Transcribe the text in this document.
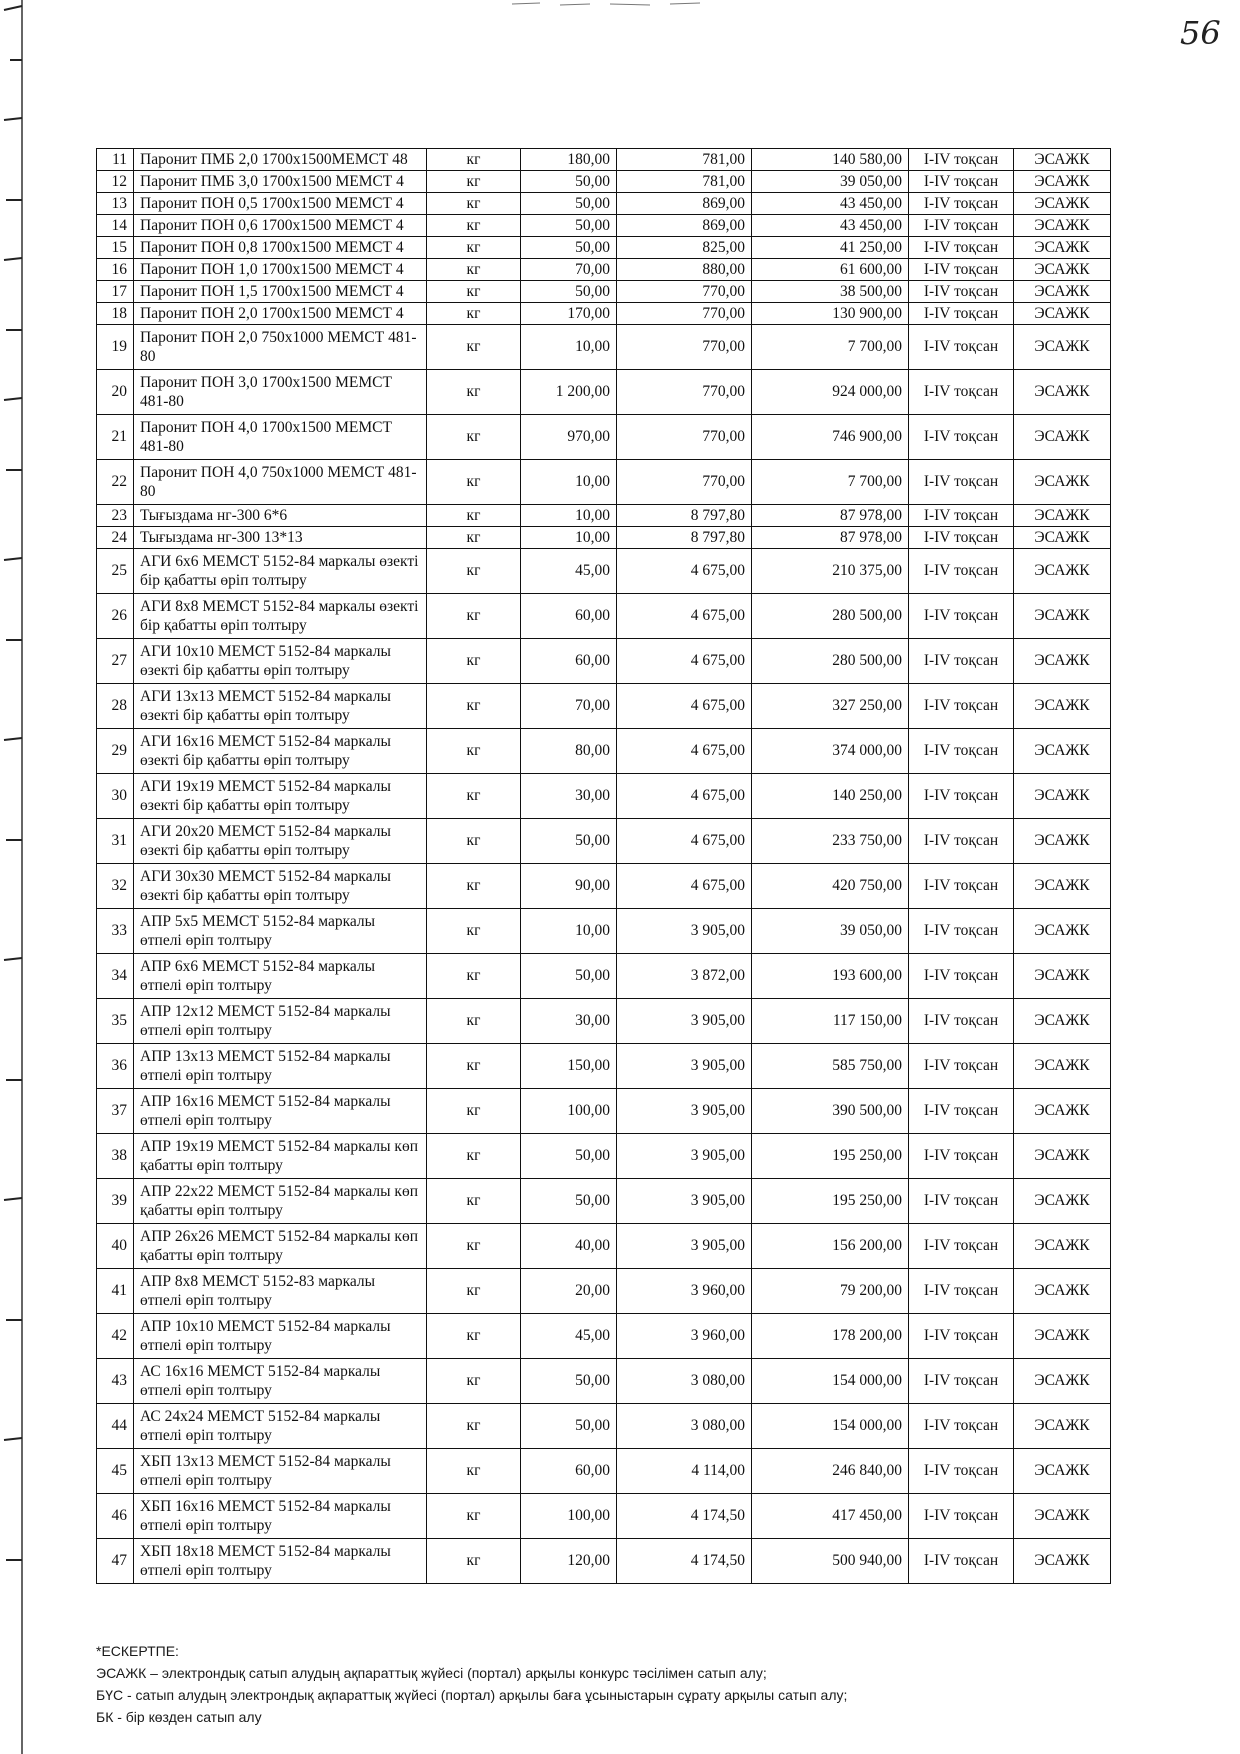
56
11	Паронит ПМБ 2,0 1700х1500МЕМСТ 48	кг	180,00	781,00	140 580,00	І-ІV тоқсан	ЭСАЖК
12	Паронит ПМБ 3,0 1700х1500 МЕМСТ 4	кг	50,00	781,00	39 050,00	І-ІV тоқсан	ЭСАЖК
13	Паронит ПОН 0,5 1700х1500 МЕМСТ 4	кг	50,00	869,00	43 450,00	І-ІV тоқсан	ЭСАЖК
14	Паронит ПОН 0,6 1700х1500 МЕМСТ 4	кг	50,00	869,00	43 450,00	І-ІV тоқсан	ЭСАЖК
15	Паронит ПОН 0,8 1700х1500 МЕМСТ 4	кг	50,00	825,00	41 250,00	І-ІV тоқсан	ЭСАЖК
16	Паронит ПОН 1,0 1700х1500 МЕМСТ 4	кг	70,00	880,00	61 600,00	І-ІV тоқсан	ЭСАЖК
17	Паронит ПОН 1,5 1700х1500 МЕМСТ 4	кг	50,00	770,00	38 500,00	І-ІV тоқсан	ЭСАЖК
18	Паронит ПОН 2,0 1700х1500 МЕМСТ 4	кг	170,00	770,00	130 900,00	І-ІV тоқсан	ЭСАЖК
19	Паронит ПОН 2,0 750х1000 МЕМСТ 481-80	кг	10,00	770,00	7 700,00	І-ІV тоқсан	ЭСАЖК
20	Паронит ПОН 3,0 1700х1500 МЕМСТ 481-80	кг	1 200,00	770,00	924 000,00	І-ІV тоқсан	ЭСАЖК
21	Паронит ПОН 4,0 1700х1500 МЕМСТ 481-80	кг	970,00	770,00	746 900,00	І-ІV тоқсан	ЭСАЖК
22	Паронит ПОН 4,0 750х1000 МЕМСТ 481-80	кг	10,00	770,00	7 700,00	І-ІV тоқсан	ЭСАЖК
23	Тығыздама нг-300 6*6	кг	10,00	8 797,80	87 978,00	І-ІV тоқсан	ЭСАЖК
24	Тығыздама нг-300 13*13	кг	10,00	8 797,80	87 978,00	І-ІV тоқсан	ЭСАЖК
25	АГИ 6х6 МЕМСТ 5152-84 маркалы өзекті бір қабатты өріп толтыру	кг	45,00	4 675,00	210 375,00	І-ІV тоқсан	ЭСАЖК
26	АГИ 8х8 МЕМСТ 5152-84 маркалы өзекті бір қабатты өріп толтыру	кг	60,00	4 675,00	280 500,00	І-ІV тоқсан	ЭСАЖК
27	АГИ 10х10 МЕМСТ 5152-84 маркалы өзекті бір қабатты өріп толтыру	кг	60,00	4 675,00	280 500,00	І-ІV тоқсан	ЭСАЖК
28	АГИ 13х13 МЕМСТ 5152-84 маркалы өзекті бір қабатты өріп толтыру	кг	70,00	4 675,00	327 250,00	І-ІV тоқсан	ЭСАЖК
29	АГИ 16х16 МЕМСТ 5152-84 маркалы өзекті бір қабатты өріп толтыру	кг	80,00	4 675,00	374 000,00	І-ІV тоқсан	ЭСАЖК
30	АГИ 19х19 МЕМСТ 5152-84 маркалы өзекті бір қабатты өріп толтыру	кг	30,00	4 675,00	140 250,00	І-ІV тоқсан	ЭСАЖК
31	АГИ 20х20 МЕМСТ 5152-84 маркалы өзекті бір қабатты өріп толтыру	кг	50,00	4 675,00	233 750,00	І-ІV тоқсан	ЭСАЖК
32	АГИ 30х30 МЕМСТ 5152-84 маркалы өзекті бір қабатты өріп толтыру	кг	90,00	4 675,00	420 750,00	І-ІV тоқсан	ЭСАЖК
33	АПР 5х5 МЕМСТ 5152-84 маркалы өтпелі өріп толтыру	кг	10,00	3 905,00	39 050,00	І-ІV тоқсан	ЭСАЖК
34	АПР 6х6 МЕМСТ 5152-84 маркалы өтпелі өріп толтыру	кг	50,00	3 872,00	193 600,00	І-ІV тоқсан	ЭСАЖК
35	АПР 12х12 МЕМСТ 5152-84 маркалы өтпелі өріп толтыру	кг	30,00	3 905,00	117 150,00	І-ІV тоқсан	ЭСАЖК
36	АПР 13х13 МЕМСТ 5152-84 маркалы өтпелі өріп толтыру	кг	150,00	3 905,00	585 750,00	І-ІV тоқсан	ЭСАЖК
37	АПР 16х16 МЕМСТ 5152-84 маркалы өтпелі өріп толтыру	кг	100,00	3 905,00	390 500,00	І-ІV тоқсан	ЭСАЖК
38	АПР 19х19 МЕМСТ 5152-84 маркалы көп қабатты өріп толтыру	кг	50,00	3 905,00	195 250,00	І-ІV тоқсан	ЭСАЖК
39	АПР 22х22 МЕМСТ 5152-84 маркалы көп қабатты өріп толтыру	кг	50,00	3 905,00	195 250,00	І-ІV тоқсан	ЭСАЖК
40	АПР 26х26 МЕМСТ 5152-84 маркалы көп қабатты өріп толтыру	кг	40,00	3 905,00	156 200,00	І-ІV тоқсан	ЭСАЖК
41	АПР 8х8 МЕМСТ 5152-83 маркалы өтпелі өріп толтыру	кг	20,00	3 960,00	79 200,00	І-ІV тоқсан	ЭСАЖК
42	АПР 10х10 МЕМСТ 5152-84 маркалы өтпелі өріп толтыру	кг	45,00	3 960,00	178 200,00	І-ІV тоқсан	ЭСАЖК
43	АС 16х16 МЕМСТ 5152-84 маркалы өтпелі өріп толтыру	кг	50,00	3 080,00	154 000,00	І-ІV тоқсан	ЭСАЖК
44	АС 24х24 МЕМСТ 5152-84 маркалы өтпелі өріп толтыру	кг	50,00	3 080,00	154 000,00	І-ІV тоқсан	ЭСАЖК
45	ХБП 13х13 МЕМСТ 5152-84 маркалы өтпелі өріп толтыру	кг	60,00	4 114,00	246 840,00	І-ІV тоқсан	ЭСАЖК
46	ХБП 16х16 МЕМСТ 5152-84 маркалы өтпелі өріп толтыру	кг	100,00	4 174,50	417 450,00	І-ІV тоқсан	ЭСАЖК
47	ХБП 18х18 МЕМСТ 5152-84 маркалы өтпелі өріп толтыру	кг	120,00	4 174,50	500 940,00	І-ІV тоқсан	ЭСАЖК
*ЕСКЕРТПЕ:
ЭСАЖК – электрондық сатып алудың ақпараттық жүйесі (портал) арқылы конкурс тәсілімен сатып алу;
БҮС - сатып алудың электрондық ақпараттық жүйесі (портал) арқылы баға ұсыныстарын сұрату арқылы сатып алу;
БК - бір көзден сатып алу
